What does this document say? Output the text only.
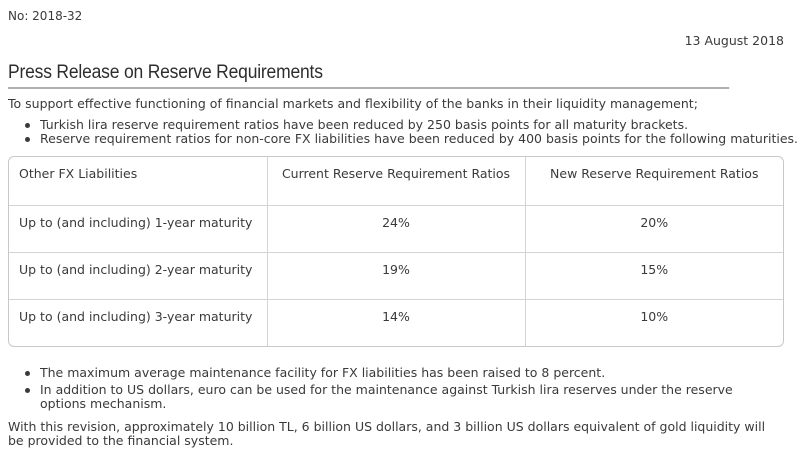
No: 2018-32
13 August 2018
Press Release on Reserve Requirements

To support effective functioning of financial markets and flexibility of the banks in their liquidity management;

Turkish lira reserve requirement ratios have been reduced by 250 basis points for all maturity brackets.
Reserve requirement ratios for non-core FX liabilities have been reduced by 400 basis points for the following maturities.
Other FX Liabilities	Current Reserve Requirement Ratios	New Reserve Requirement Ratios
Up to (and including) 1-year maturity	24%	20%
Up to (and including) 2-year maturity	19%	15%
Up to (and including) 3-year maturity	14%	10%
The maximum average maintenance facility for FX liabilities has been raised to 8 percent.
In addition to US dollars, euro can be used for the maintenance against Turkish lira reserves under the reserve options mechanism.

With this revision, approximately 10 billion TL, 6 billion US dollars, and 3 billion US dollars equivalent of gold liquidity will be provided to the financial system.
